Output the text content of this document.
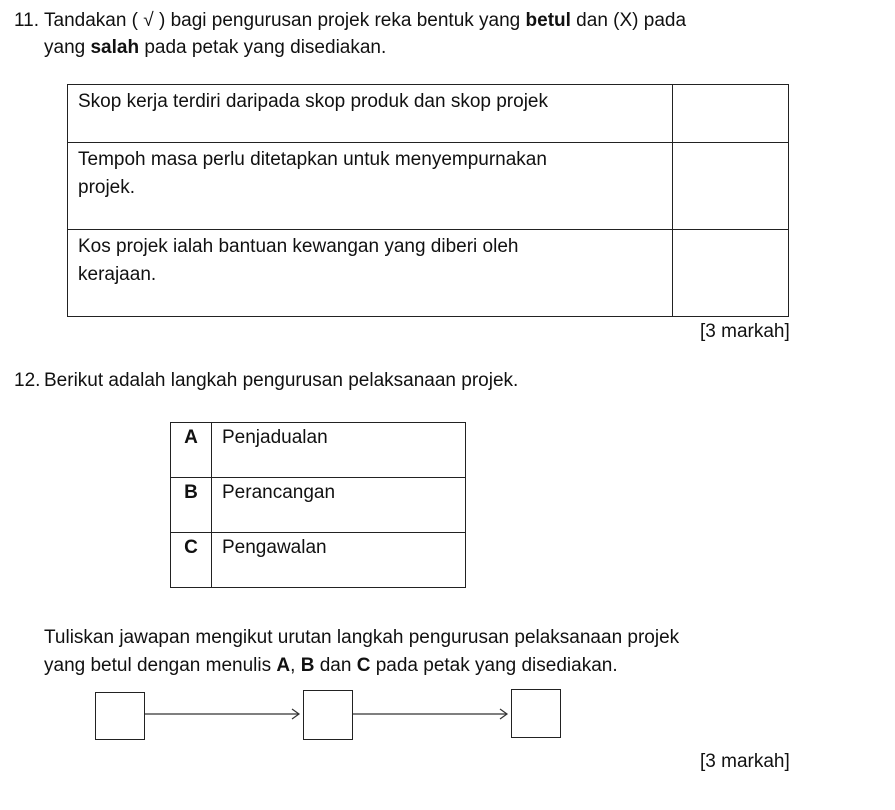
11. Tandakan ( √ ) bagi pengurusan projek reka bentuk yang betul dan (X) pada
yang salah pada petak yang disediakan.
Skop kerja terdiri daripada skop produk dan skop projek	
Tempoh masa perlu ditetapkan untuk menyempurnakan
projek.	
Kos projek ialah bantuan kewangan yang diberi oleh
kerajaan.	
[3 markah]
12. Berikut adalah langkah pengurusan pelaksanaan projek.
A	Penjadualan
B	Perancangan
C	Pengawalan
Tuliskan jawapan mengikut urutan langkah pengurusan pelaksanaan projek
yang betul dengan menulis A, B dan C pada petak yang disediakan.
[3 markah]
